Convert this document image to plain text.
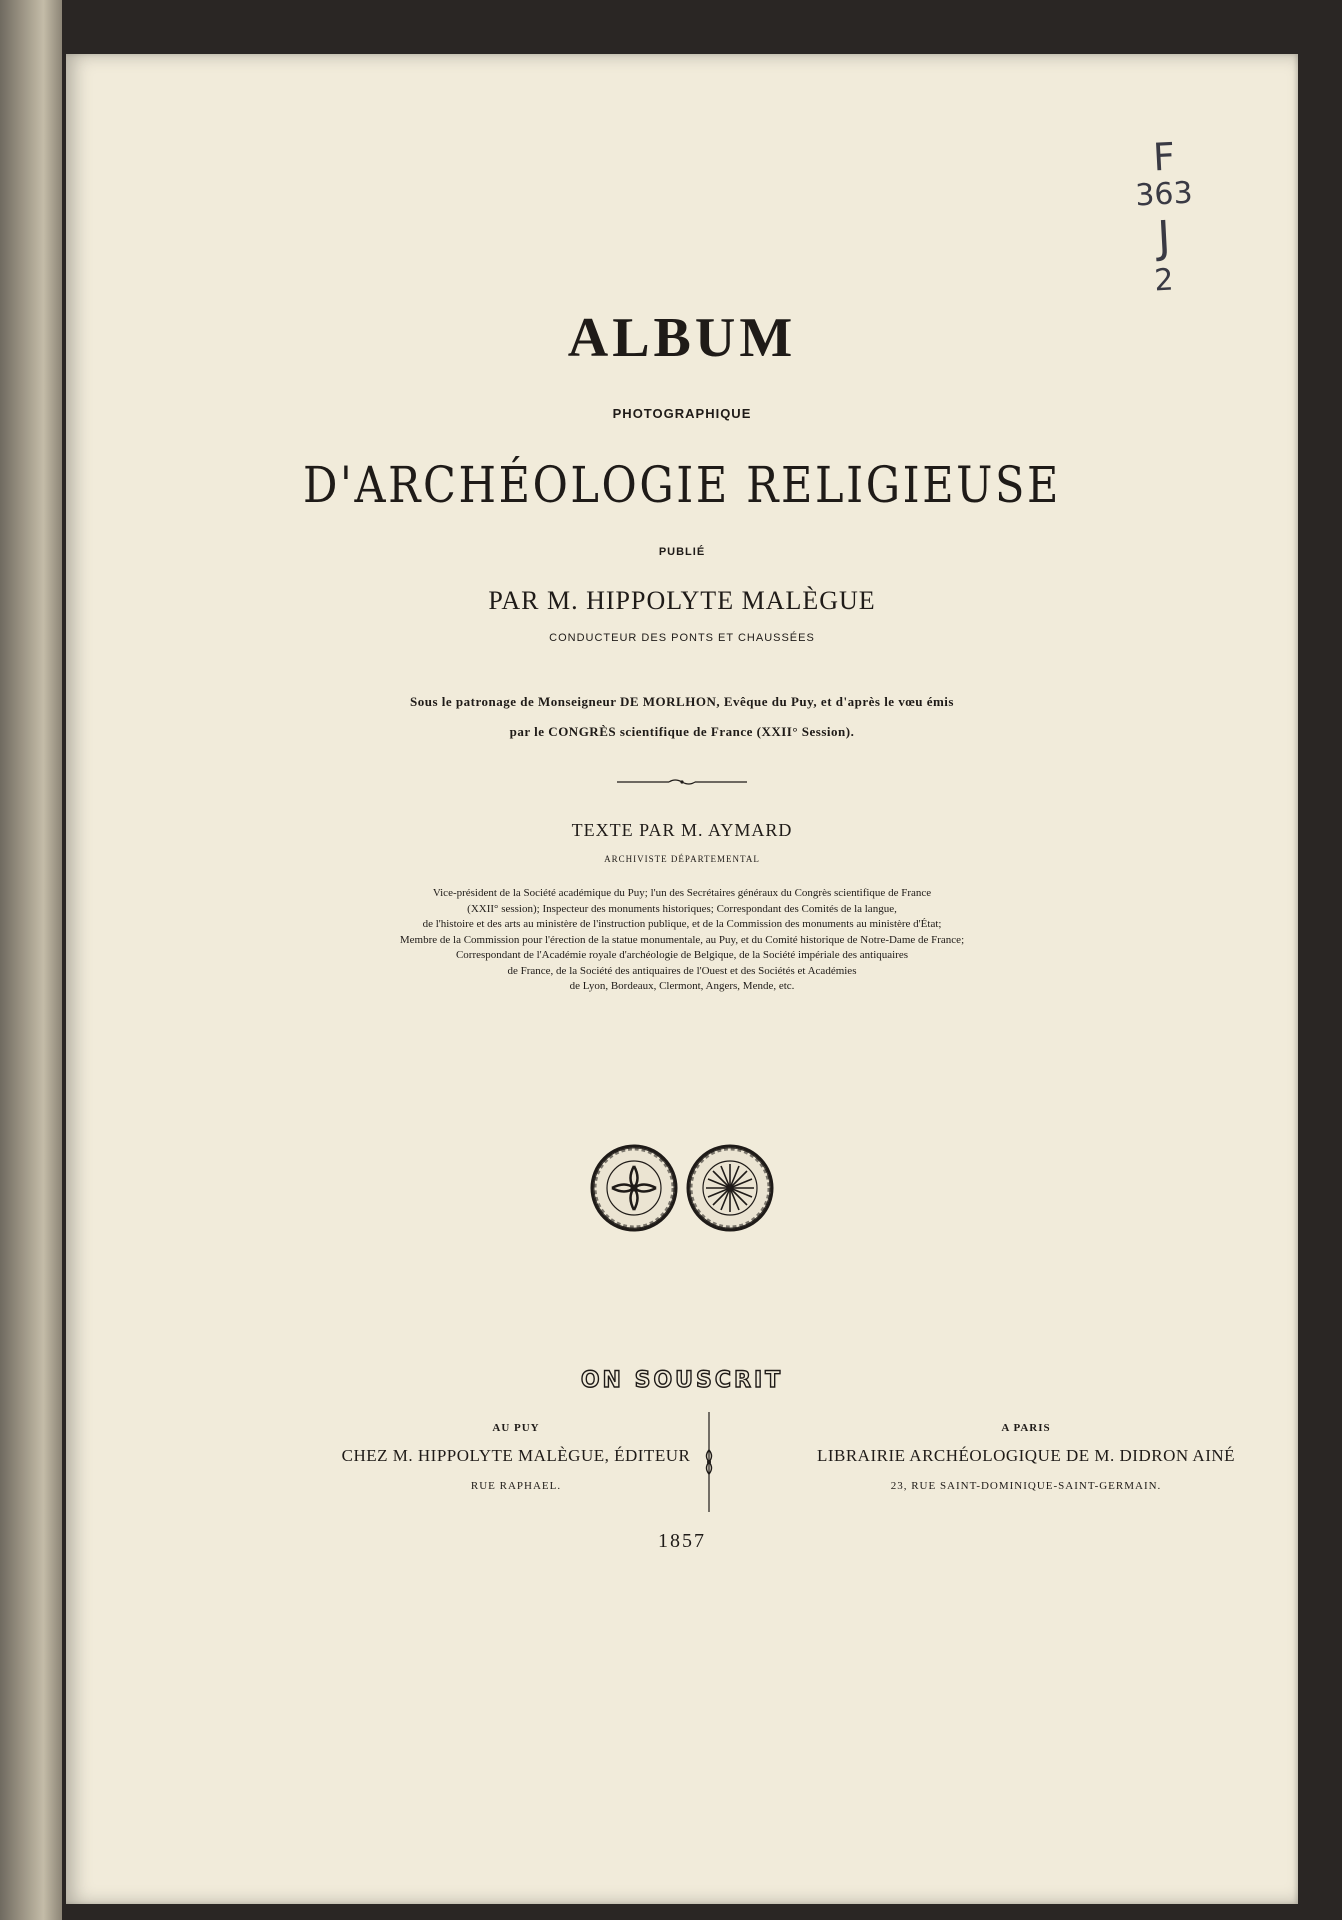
F
363
J
2
ALBUM
PHOTOGRAPHIQUE
D'ARCHÉOLOGIE RELIGIEUSE
PUBLIÉ
PAR M. HIPPOLYTE MALÈGUE
CONDUCTEUR DES PONTS ET CHAUSSÉES
Sous le patronage de Monseigneur DE MORLHON, Evêque du Puy, et d'après le vœu émis
par le CONGRÈS scientifique de France (XXII° Session).
TEXTE PAR M. AYMARD
ARCHIVISTE DÉPARTEMENTAL
Vice-président de la Société académique du Puy; l'un des Secrétaires généraux du Congrès scientifique de France
(XXII° session); Inspecteur des monuments historiques; Correspondant des Comités de la langue,
de l'histoire et des arts au ministère de l'instruction publique, et de la Commission des monuments au ministère d'État;
Membre de la Commission pour l'érection de la statue monumentale, au Puy, et du Comité historique de Notre-Dame de France;
Correspondant de l'Académie royale d'archéologie de Belgique, de la Société impériale des antiquaires
de France, de la Société des antiquaires de l'Ouest et des Sociétés et Académies
de Lyon, Bordeaux, Clermont, Angers, Mende, etc.
ON SOUSCRIT
AU PUY
CHEZ M. HIPPOLYTE MALÈGUE, ÉDITEUR
RUE RAPHAEL.
A PARIS
LIBRAIRIE ARCHÉOLOGIQUE DE M. DIDRON AINÉ
23, RUE SAINT-DOMINIQUE-SAINT-GERMAIN.
1857
